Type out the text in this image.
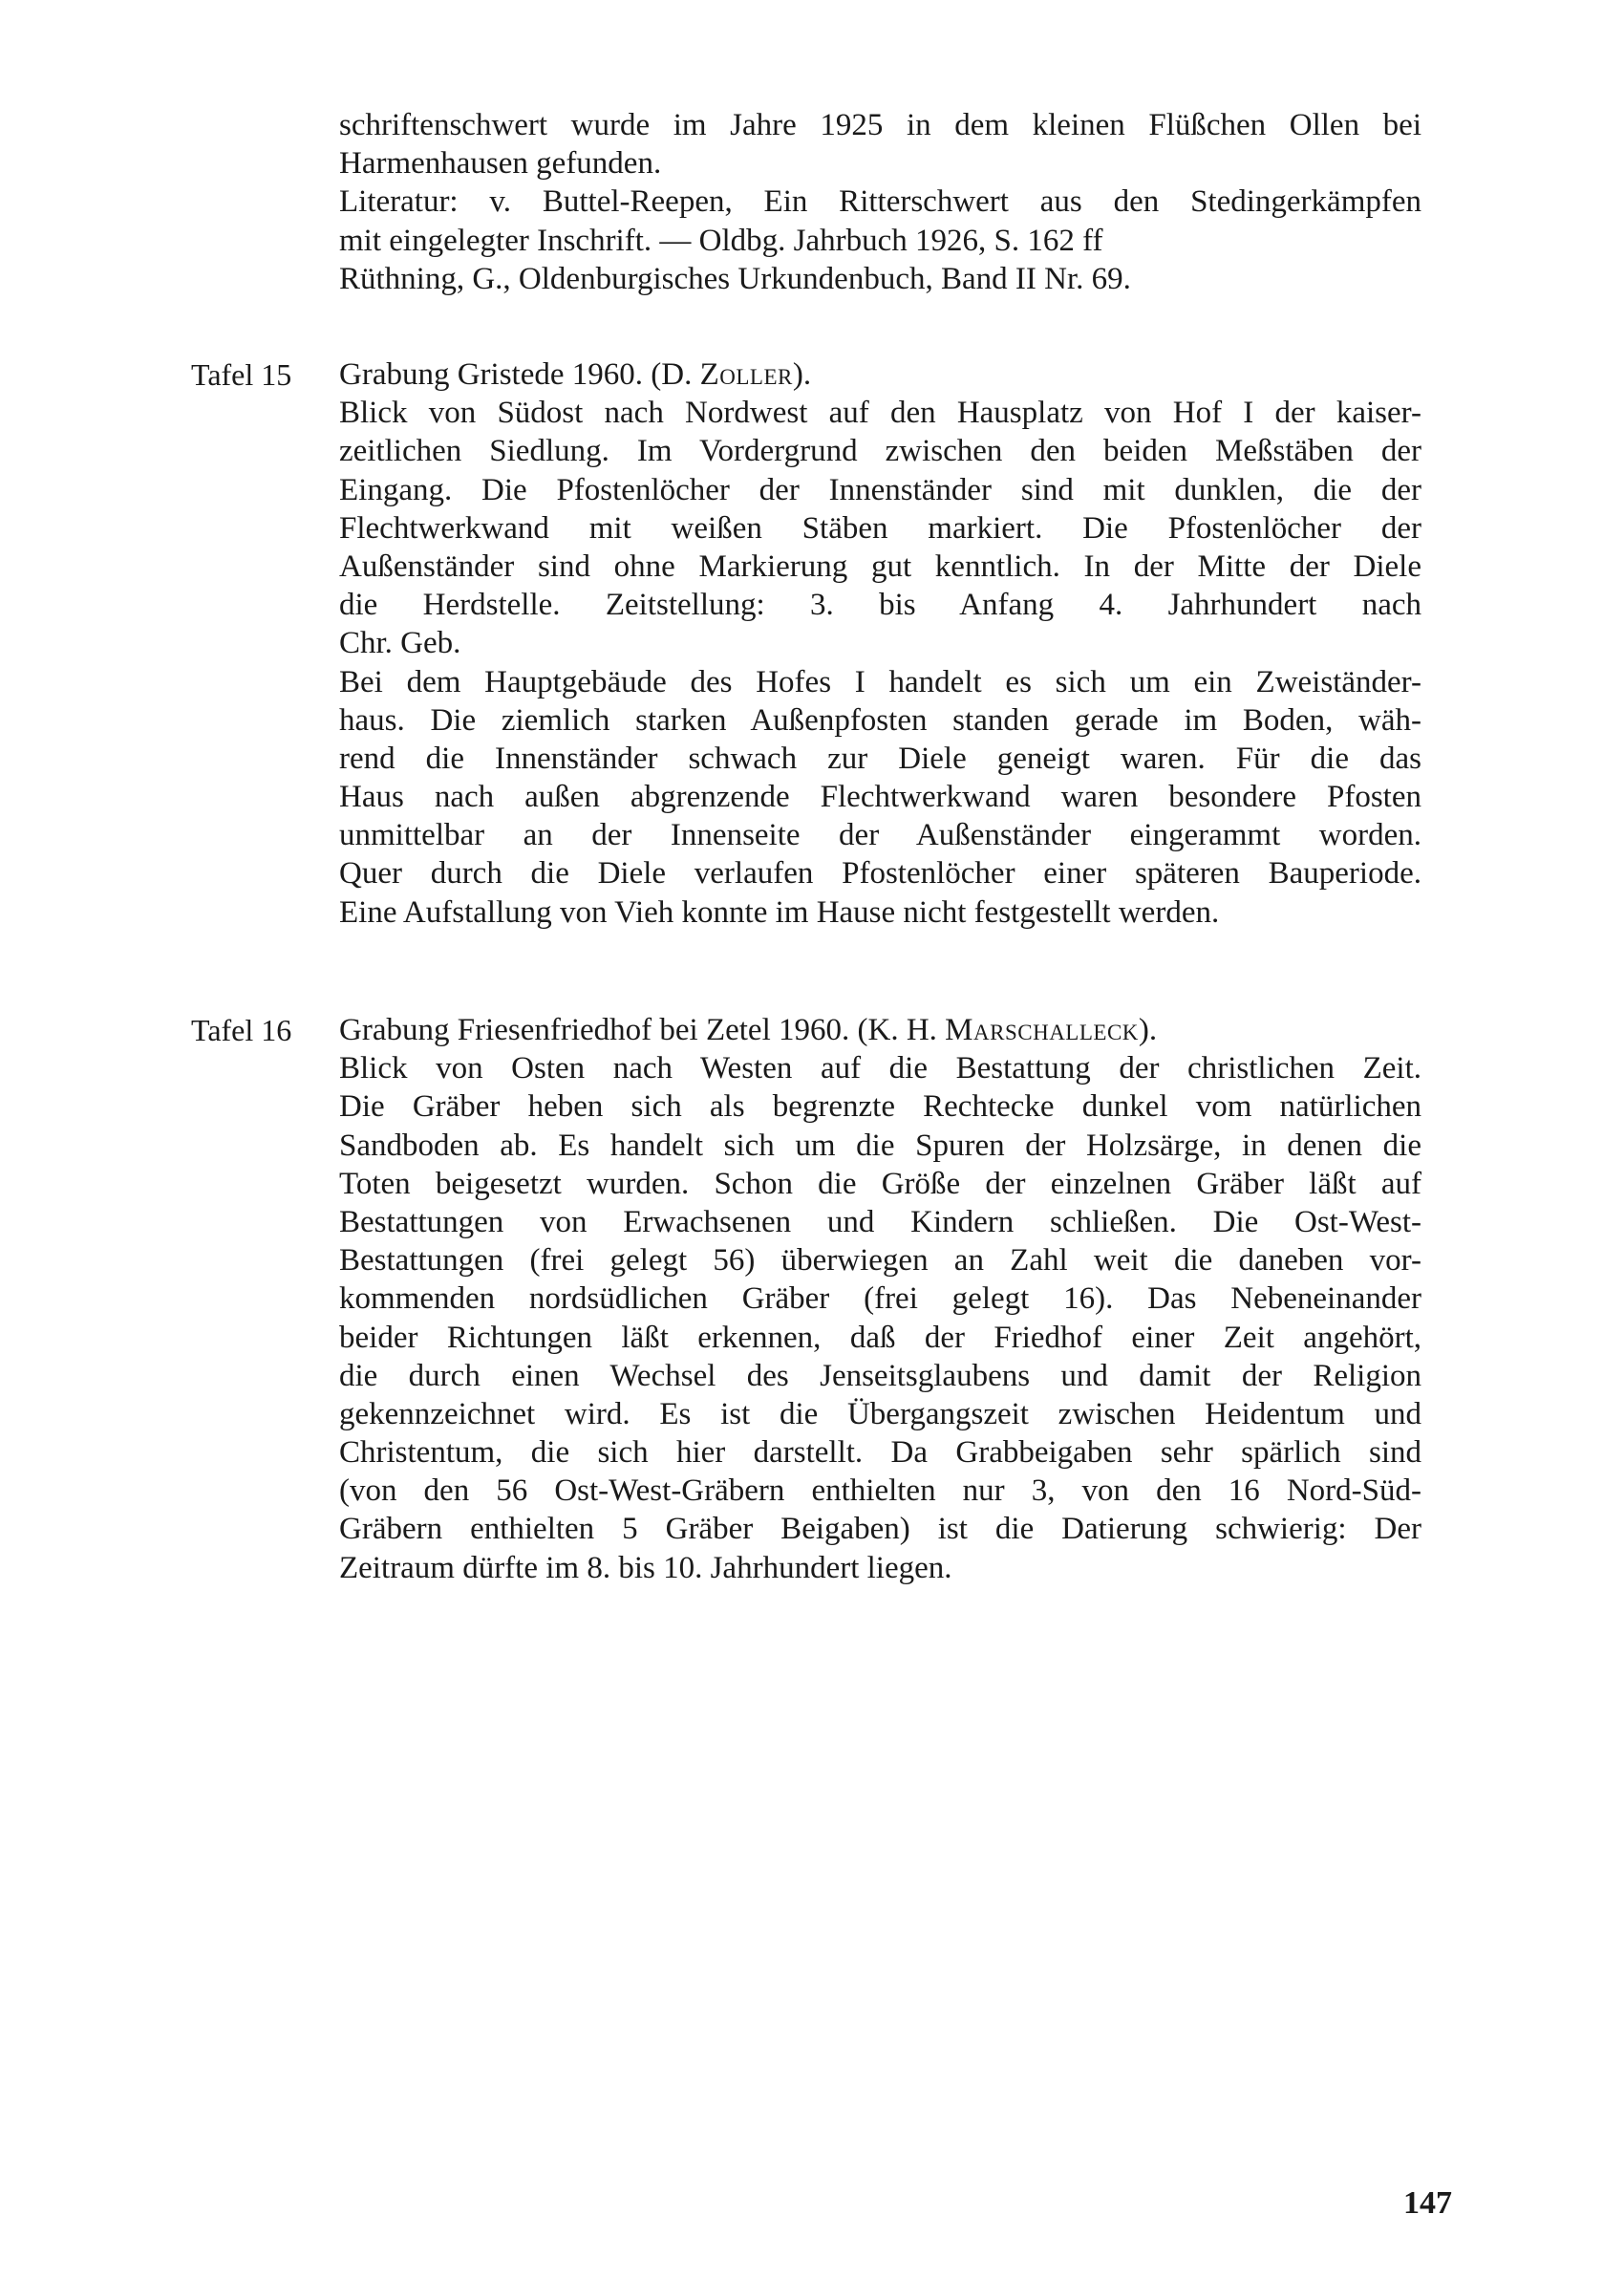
schriftenschwert wurde im Jahre 1925 in dem kleinen Flüßchen Ollen bei
Harmenhausen gefunden.
Literatur: v. Buttel-Reepen, Ein Ritterschwert aus den Stedingerkämpfen
mit eingelegter Inschrift. — Oldbg. Jahrbuch 1926, S. 162 ff
Rüthning, G., Oldenburgisches Urkundenbuch, Band II Nr. 69.
Tafel 15	Grabung Gristede 1960. (D. Zoller).
Blick von Südost nach Nordwest auf den Hausplatz von Hof I der kaiser-
zeitlichen Siedlung. Im Vordergrund zwischen den beiden Meßstäben der
Eingang. Die Pfostenlöcher der Innenständer sind mit dunklen, die der
Flechtwerkwand mit weißen Stäben markiert. Die Pfostenlöcher der
Außenständer sind ohne Markierung gut kenntlich. In der Mitte der Diele
die Herdstelle. Zeitstellung: 3. bis Anfang 4. Jahrhundert nach
Chr. Geb.
Bei dem Hauptgebäude des Hofes I handelt es sich um ein Zweiständer-
haus. Die ziemlich starken Außenpfosten standen gerade im Boden, wäh-
rend die Innenständer schwach zur Diele geneigt waren. Für die das
Haus nach außen abgrenzende Flechtwerkwand waren besondere Pfosten
unmittelbar an der Innenseite der Außenständer eingerammt worden.
Quer durch die Diele verlaufen Pfostenlöcher einer späteren Bauperiode.
Eine Aufstallung von Vieh konnte im Hause nicht festgestellt werden.
Tafel 16	Grabung Friesenfriedhof bei Zetel 1960. (K. H. Marschalleck).
Blick von Osten nach Westen auf die Bestattung der christlichen Zeit.
Die Gräber heben sich als begrenzte Rechtecke dunkel vom natürlichen
Sandboden ab. Es handelt sich um die Spuren der Holzsärge, in denen die
Toten beigesetzt wurden. Schon die Größe der einzelnen Gräber läßt auf
Bestattungen von Erwachsenen und Kindern schließen. Die Ost-West-
Bestattungen (frei gelegt 56) überwiegen an Zahl weit die daneben vor-
kommenden nordsüdlichen Gräber (frei gelegt 16). Das Nebeneinander
beider Richtungen läßt erkennen, daß der Friedhof einer Zeit angehört,
die durch einen Wechsel des Jenseitsglaubens und damit der Religion
gekennzeichnet wird. Es ist die Übergangszeit zwischen Heidentum und
Christentum, die sich hier darstellt. Da Grabbeigaben sehr spärlich sind
(von den 56 Ost-West-Gräbern enthielten nur 3, von den 16 Nord-Süd-
Gräbern enthielten 5 Gräber Beigaben) ist die Datierung schwierig: Der
Zeitraum dürfte im 8. bis 10. Jahrhundert liegen.
147
